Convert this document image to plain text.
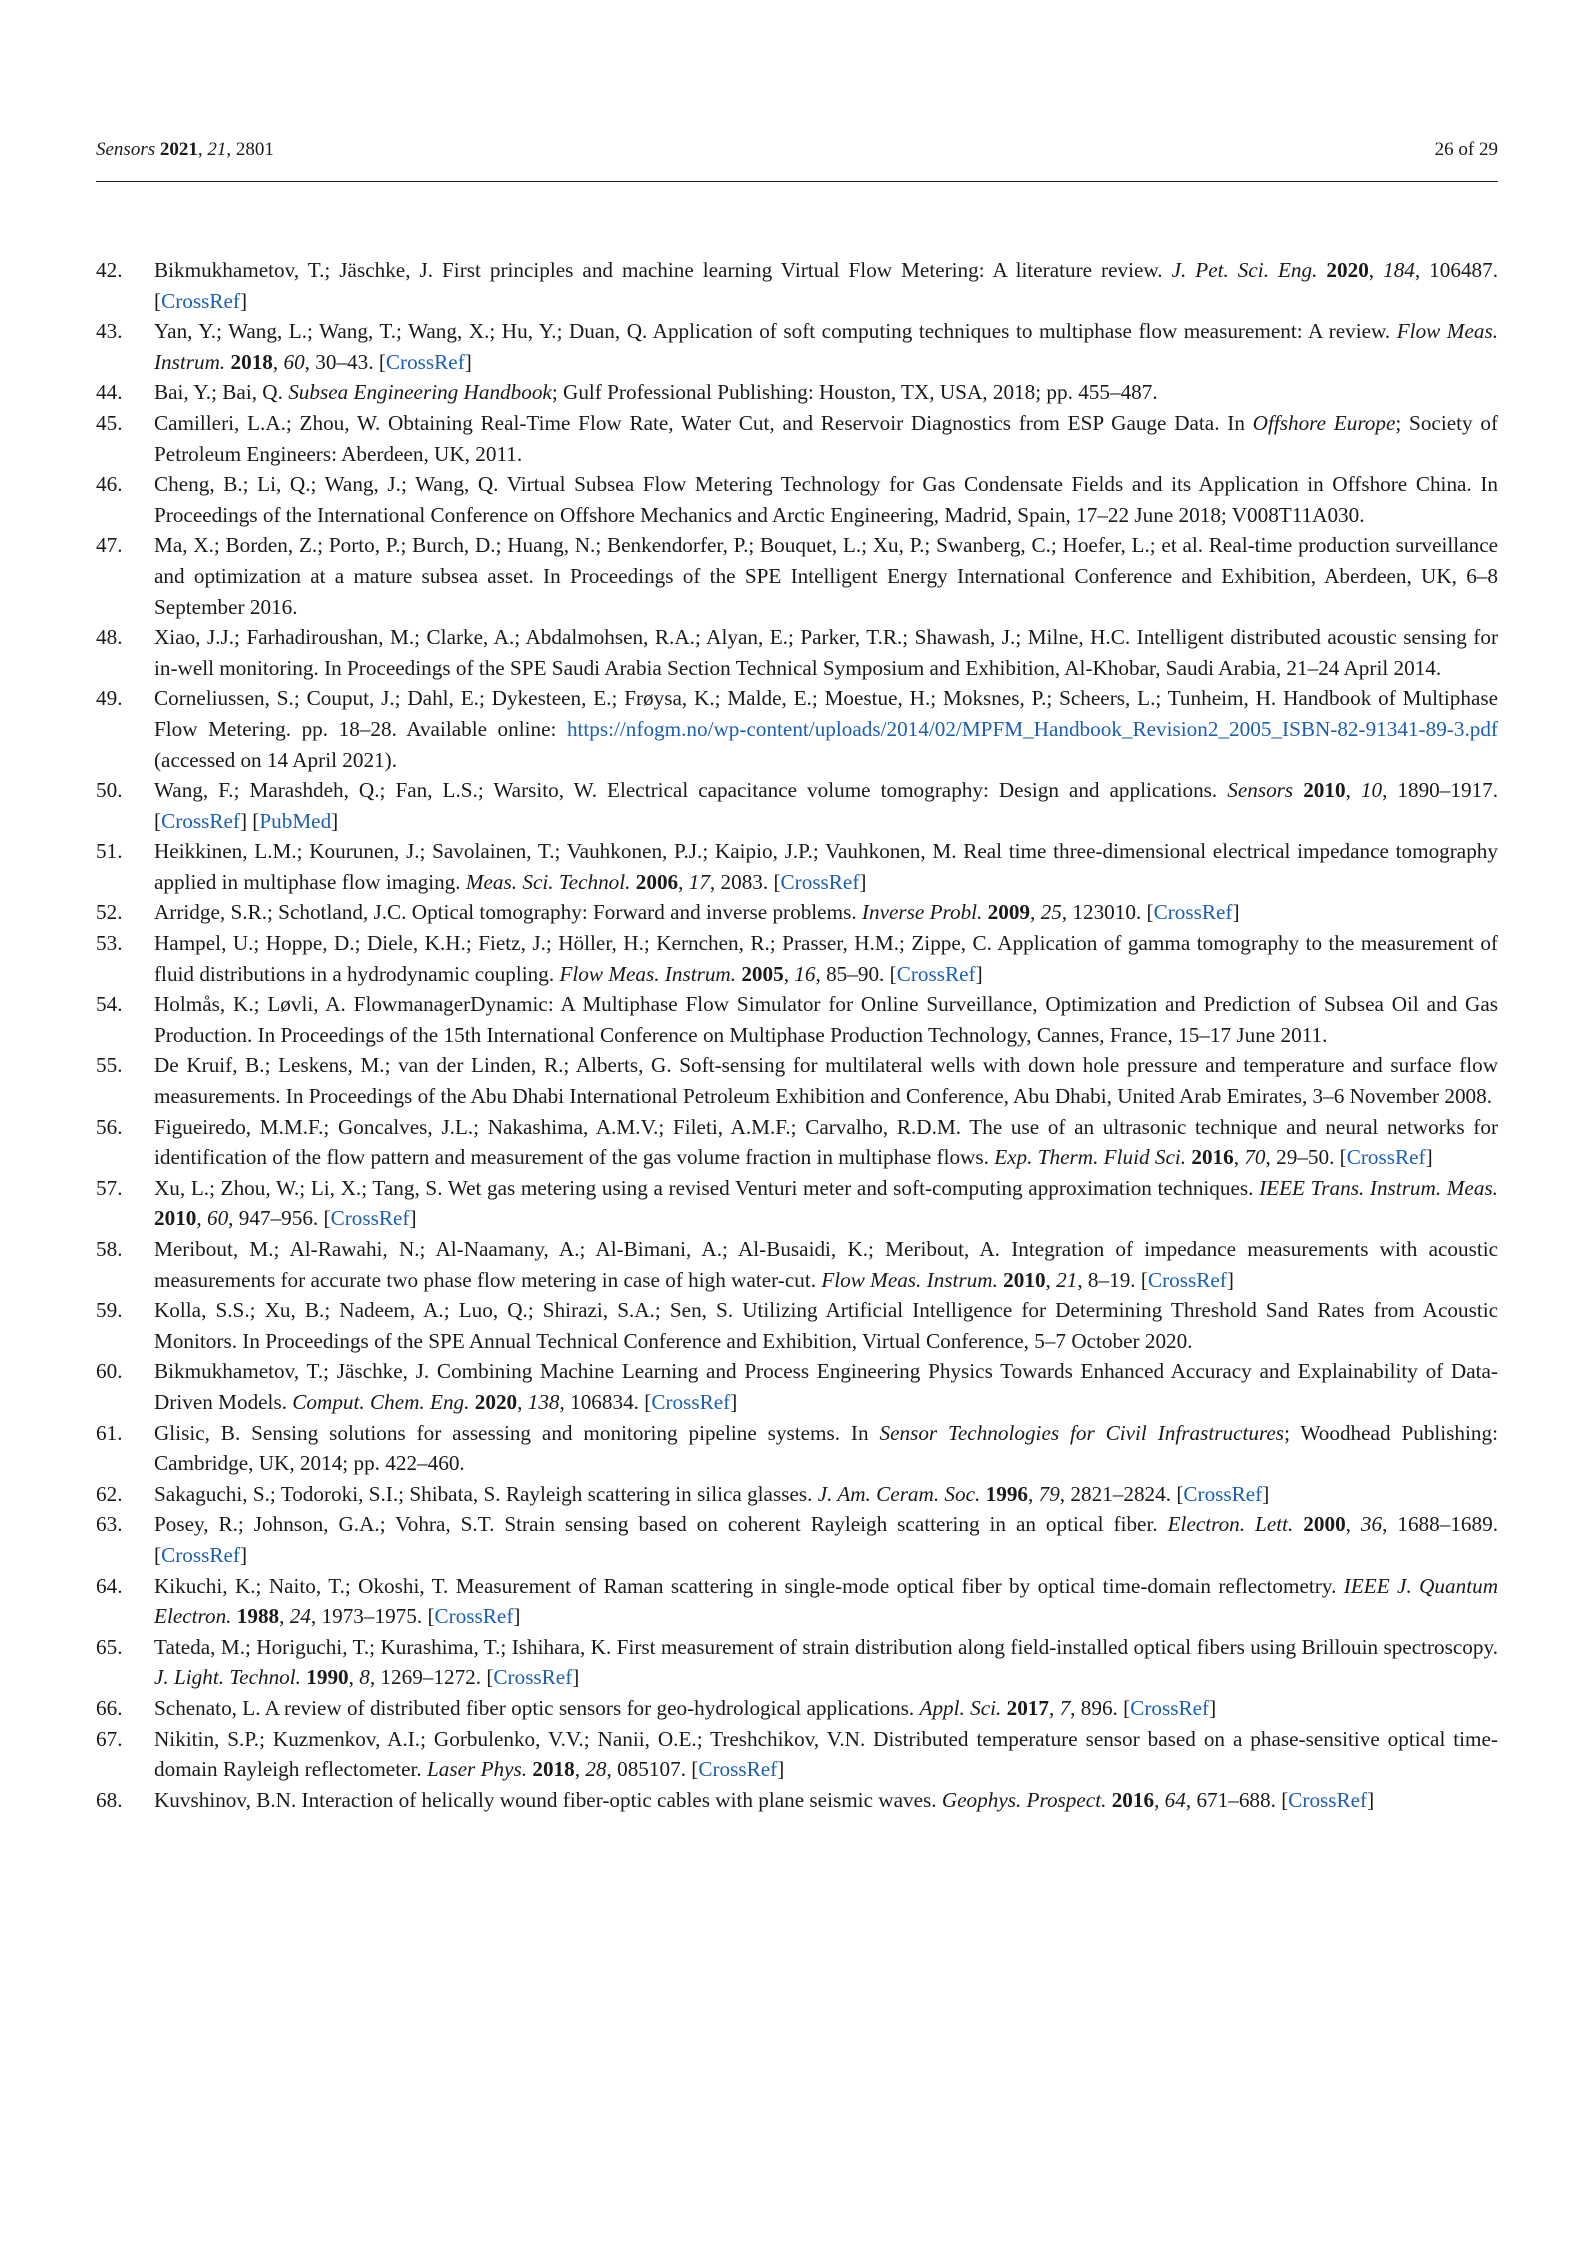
Sensors 2021, 21, 2801	26 of 29
42. Bikmukhametov, T.; Jäschke, J. First principles and machine learning Virtual Flow Metering: A literature review. J. Pet. Sci. Eng. 2020, 184, 106487. [CrossRef]
43. Yan, Y.; Wang, L.; Wang, T.; Wang, X.; Hu, Y.; Duan, Q. Application of soft computing techniques to multiphase flow measurement: A review. Flow Meas. Instrum. 2018, 60, 30–43. [CrossRef]
44. Bai, Y.; Bai, Q. Subsea Engineering Handbook; Gulf Professional Publishing: Houston, TX, USA, 2018; pp. 455–487.
45. Camilleri, L.A.; Zhou, W. Obtaining Real-Time Flow Rate, Water Cut, and Reservoir Diagnostics from ESP Gauge Data. In Offshore Europe; Society of Petroleum Engineers: Aberdeen, UK, 2011.
46. Cheng, B.; Li, Q.; Wang, J.; Wang, Q. Virtual Subsea Flow Metering Technology for Gas Condensate Fields and its Application in Offshore China. In Proceedings of the International Conference on Offshore Mechanics and Arctic Engineering, Madrid, Spain, 17–22 June 2018; V008T11A030.
47. Ma, X.; Borden, Z.; Porto, P.; Burch, D.; Huang, N.; Benkendorfer, P.; Bouquet, L.; Xu, P.; Swanberg, C.; Hoefer, L.; et al. Real-time production surveillance and optimization at a mature subsea asset. In Proceedings of the SPE Intelligent Energy International Conference and Exhibition, Aberdeen, UK, 6–8 September 2016.
48. Xiao, J.J.; Farhadiroushan, M.; Clarke, A.; Abdalmohsen, R.A.; Alyan, E.; Parker, T.R.; Shawash, J.; Milne, H.C. Intelligent distributed acoustic sensing for in-well monitoring. In Proceedings of the SPE Saudi Arabia Section Technical Symposium and Exhibition, Al-Khobar, Saudi Arabia, 21–24 April 2014.
49. Corneliussen, S.; Couput, J.; Dahl, E.; Dykesteen, E.; Frøysa, K.; Malde, E.; Moestue, H.; Moksnes, P.; Scheers, L.; Tunheim, H. Handbook of Multiphase Flow Metering. pp. 18–28. Available online: https://nfogm.no/wp-content/uploads/2014/02/MPFM_Handbook_Revision2_2005_ISBN-82-91341-89-3.pdf (accessed on 14 April 2021).
50. Wang, F.; Marashdeh, Q.; Fan, L.S.; Warsito, W. Electrical capacitance volume tomography: Design and applications. Sensors 2010, 10, 1890–1917. [CrossRef] [PubMed]
51. Heikkinen, L.M.; Kourunen, J.; Savolainen, T.; Vauhkonen, P.J.; Kaipio, J.P.; Vauhkonen, M. Real time three-dimensional electrical impedance tomography applied in multiphase flow imaging. Meas. Sci. Technol. 2006, 17, 2083. [CrossRef]
52. Arridge, S.R.; Schotland, J.C. Optical tomography: Forward and inverse problems. Inverse Probl. 2009, 25, 123010. [CrossRef]
53. Hampel, U.; Hoppe, D.; Diele, K.H.; Fietz, J.; Höller, H.; Kernchen, R.; Prasser, H.M.; Zippe, C. Application of gamma tomography to the measurement of fluid distributions in a hydrodynamic coupling. Flow Meas. Instrum. 2005, 16, 85–90. [CrossRef]
54. Holmås, K.; Løvli, A. FlowmanagerDynamic: A Multiphase Flow Simulator for Online Surveillance, Optimization and Prediction of Subsea Oil and Gas Production. In Proceedings of the 15th International Conference on Multiphase Production Technology, Cannes, France, 15–17 June 2011.
55. De Kruif, B.; Leskens, M.; van der Linden, R.; Alberts, G. Soft-sensing for multilateral wells with down hole pressure and temperature and surface flow measurements. In Proceedings of the Abu Dhabi International Petroleum Exhibition and Conference, Abu Dhabi, United Arab Emirates, 3–6 November 2008.
56. Figueiredo, M.M.F.; Goncalves, J.L.; Nakashima, A.M.V.; Fileti, A.M.F.; Carvalho, R.D.M. The use of an ultrasonic technique and neural networks for identification of the flow pattern and measurement of the gas volume fraction in multiphase flows. Exp. Therm. Fluid Sci. 2016, 70, 29–50. [CrossRef]
57. Xu, L.; Zhou, W.; Li, X.; Tang, S. Wet gas metering using a revised Venturi meter and soft-computing approximation techniques. IEEE Trans. Instrum. Meas. 2010, 60, 947–956. [CrossRef]
58. Meribout, M.; Al-Rawahi, N.; Al-Naamany, A.; Al-Bimani, A.; Al-Busaidi, K.; Meribout, A. Integration of impedance measurements with acoustic measurements for accurate two phase flow metering in case of high water-cut. Flow Meas. Instrum. 2010, 21, 8–19. [CrossRef]
59. Kolla, S.S.; Xu, B.; Nadeem, A.; Luo, Q.; Shirazi, S.A.; Sen, S. Utilizing Artificial Intelligence for Determining Threshold Sand Rates from Acoustic Monitors. In Proceedings of the SPE Annual Technical Conference and Exhibition, Virtual Conference, 5–7 October 2020.
60. Bikmukhametov, T.; Jäschke, J. Combining Machine Learning and Process Engineering Physics Towards Enhanced Accuracy and Explainability of Data-Driven Models. Comput. Chem. Eng. 2020, 138, 106834. [CrossRef]
61. Glisic, B. Sensing solutions for assessing and monitoring pipeline systems. In Sensor Technologies for Civil Infrastructures; Woodhead Publishing: Cambridge, UK, 2014; pp. 422–460.
62. Sakaguchi, S.; Todoroki, S.I.; Shibata, S. Rayleigh scattering in silica glasses. J. Am. Ceram. Soc. 1996, 79, 2821–2824. [CrossRef]
63. Posey, R.; Johnson, G.A.; Vohra, S.T. Strain sensing based on coherent Rayleigh scattering in an optical fiber. Electron. Lett. 2000, 36, 1688–1689. [CrossRef]
64. Kikuchi, K.; Naito, T.; Okoshi, T. Measurement of Raman scattering in single-mode optical fiber by optical time-domain reflectometry. IEEE J. Quantum Electron. 1988, 24, 1973–1975. [CrossRef]
65. Tateda, M.; Horiguchi, T.; Kurashima, T.; Ishihara, K. First measurement of strain distribution along field-installed optical fibers using Brillouin spectroscopy. J. Light. Technol. 1990, 8, 1269–1272. [CrossRef]
66. Schenato, L. A review of distributed fiber optic sensors for geo-hydrological applications. Appl. Sci. 2017, 7, 896. [CrossRef]
67. Nikitin, S.P.; Kuzmenkov, A.I.; Gorbulenko, V.V.; Nanii, O.E.; Treshchikov, V.N. Distributed temperature sensor based on a phase-sensitive optical time-domain Rayleigh reflectometer. Laser Phys. 2018, 28, 085107. [CrossRef]
68. Kuvshinov, B.N. Interaction of helically wound fiber-optic cables with plane seismic waves. Geophys. Prospect. 2016, 64, 671–688. [CrossRef]
